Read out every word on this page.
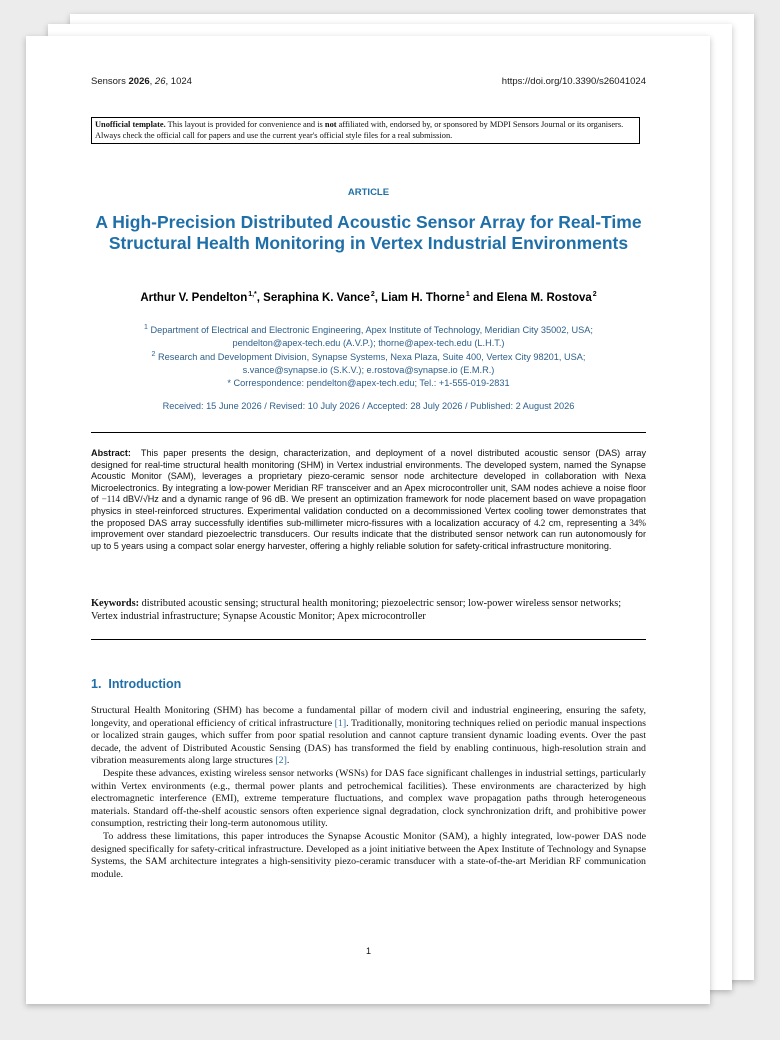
Sensors 2026, 26, 1024	https://doi.org/10.3390/s26041024
Unofficial template. This layout is provided for convenience and is not affiliated with, endorsed by, or sponsored by MDPI Sensors Journal or its organisers. Always check the official call for papers and use the current year's official style files for a real submission.
ARTICLE
A High-Precision Distributed Acoustic Sensor Array for Real-Time Structural Health Monitoring in Vertex Industrial Environments
Arthur V. Pendelton $^{1,*}$, Seraphina K. Vance $^2$, Liam H. Thorne $^1$ and Elena M. Rostova $^2$
$^1$ Department of Electrical and Electronic Engineering, Apex Institute of Technology, Meridian City 35002, USA;
pendelton@apex-tech.edu (A.V.P.); thorne@apex-tech.edu (L.H.T.)
$^2$ Research and Development Division, Synapse Systems, Nexa Plaza, Suite 400, Vertex City 98201, USA;
s.vance@synapse.io (S.K.V.); e.rostova@synapse.io (E.M.R.)
* Correspondence: pendelton@apex-tech.edu; Tel.: +1-555-019-2831
Received: 15 June 2026 / Revised: 10 July 2026 / Accepted: 28 July 2026 / Published: 2 August 2026
Abstract: This paper presents the design, characterization, and deployment of a novel distributed acoustic sensor (DAS) array designed for real-time structural health monitoring (SHM) in Vertex industrial environments. The developed system, named the Synapse Acoustic Monitor (SAM), leverages a proprietary piezo-ceramic sensor node architecture developed in collaboration with Nexa Microelectronics. By integrating a low-power Meridian RF transceiver and an Apex microcontroller unit, SAM nodes achieve a noise floor of −114 dBV/√Hz and a dynamic range of 96 dB. We present an optimization framework for node placement based on wave propagation physics in steel-reinforced structures. Experimental validation conducted on a decommissioned Vertex cooling tower demonstrates that the proposed DAS array successfully identifies sub-millimeter micro-fissures with a localization accuracy of 4.2 cm, representing a 34% improvement over standard piezoelectric transducers. Our results indicate that the distributed sensor network can run autonomously for up to 5 years using a compact solar energy harvester, offering a highly reliable solution for safety-critical infrastructure monitoring.
Keywords: distributed acoustic sensing; structural health monitoring; piezoelectric sensor; low-power wireless sensor networks; Vertex industrial infrastructure; Synapse Acoustic Monitor; Apex microcontroller
1. Introduction

Structural Health Monitoring (SHM) has become a fundamental pillar of modern civil and industrial engineering, ensuring the safety, longevity, and operational efficiency of critical infrastructure [1]. Traditionally, monitoring techniques relied on periodic manual inspections or localized strain gauges, which suffer from poor spatial resolution and cannot capture transient dynamic loading events. Over the past decade, the advent of Distributed Acoustic Sensing (DAS) has transformed the field by enabling continuous, high-resolution strain and vibration measurements along large structures [2].

Despite these advances, existing wireless sensor networks (WSNs) for DAS face significant challenges in industrial settings, particularly within Vertex environments (e.g., thermal power plants and petrochemical facilities). These environments are characterized by high electromagnetic interference (EMI), extreme temperature fluctuations, and complex wave propagation paths through heterogeneous materials. Standard off-the-shelf acoustic sensors often experience signal degradation, clock synchronization drift, and prohibitive power consumption, restricting their long-term autonomous utility.

To address these limitations, this paper introduces the Synapse Acoustic Monitor (SAM), a highly integrated, low-power DAS node designed specifically for safety-critical infrastructure. Developed as a joint initiative between the Apex Institute of Technology and Synapse Systems, the SAM architecture integrates a high-sensitivity piezo-ceramic transducer with a state-of-the-art Meridian RF communication module.

1
